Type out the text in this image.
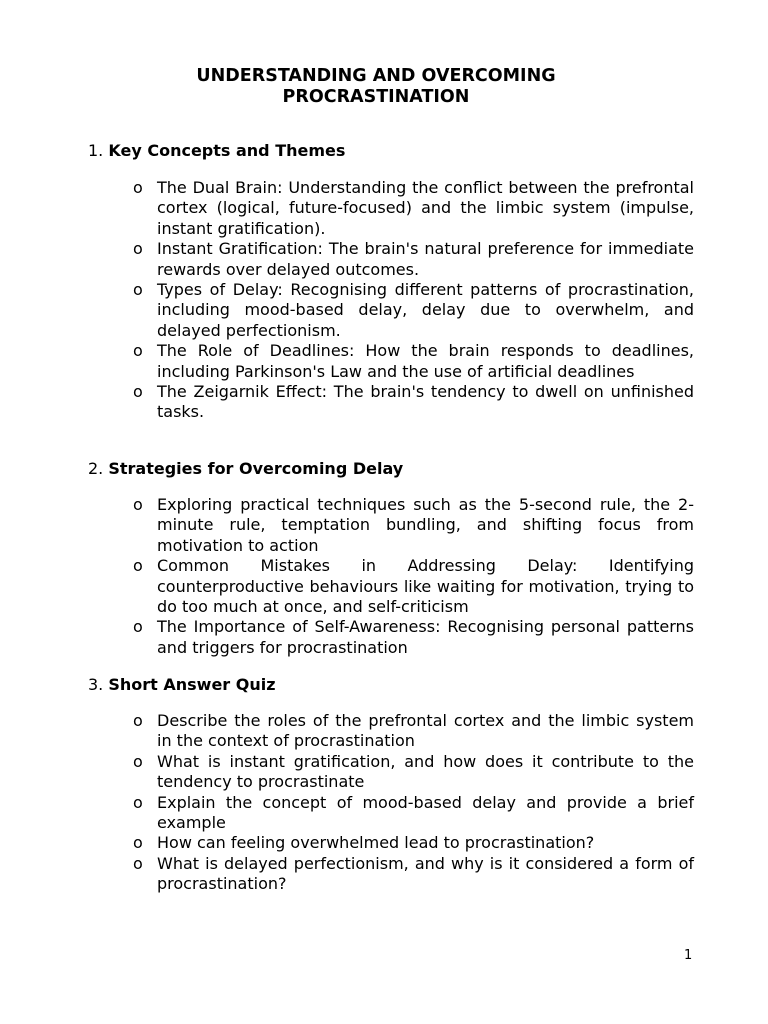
UNDERSTANDING AND OVERCOMING
PROCRASTINATION

1. Key Concepts and Themes

o The Dual Brain: Understanding the conflict between the prefrontal cortex (logical, future-focused) and the limbic system (impulse, instant gratification).
o Instant Gratification: The brain's natural preference for immediate rewards over delayed outcomes.
o Types of Delay: Recognising different patterns of procrastination, including mood-based delay, delay due to overwhelm, and delayed perfectionism.
o The Role of Deadlines: How the brain responds to deadlines, including Parkinson's Law and the use of artificial deadlines
o The Zeigarnik Effect: The brain's tendency to dwell on unfinished tasks.

2. Strategies for Overcoming Delay

o Exploring practical techniques such as the 5-second rule, the 2-minute rule, temptation bundling, and shifting focus from motivation to action
o Common Mistakes in Addressing Delay: Identifying counterproductive behaviours like waiting for motivation, trying to do too much at once, and self-criticism
o The Importance of Self-Awareness: Recognising personal patterns and triggers for procrastination

3. Short Answer Quiz

o Describe the roles of the prefrontal cortex and the limbic system in the context of procrastination
o What is instant gratification, and how does it contribute to the tendency to procrastinate
o Explain the concept of mood-based delay and provide a brief example
o How can feeling overwhelmed lead to procrastination?
o What is delayed perfectionism, and why is it considered a form of procrastination?
1
